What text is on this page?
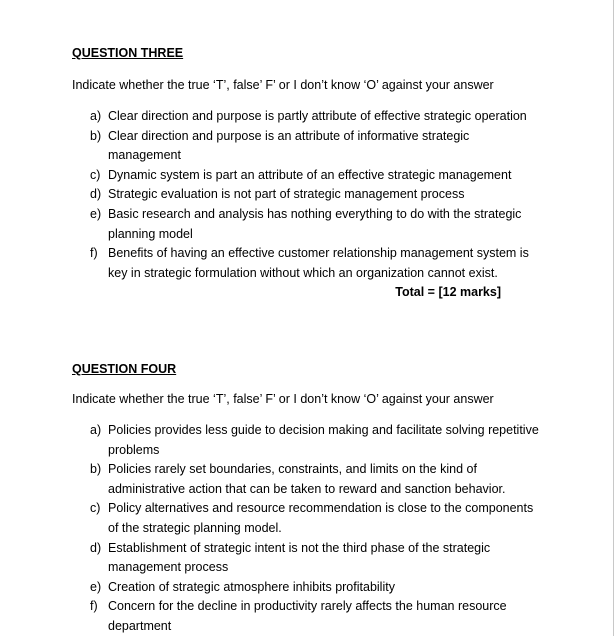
QUESTION THREE

Indicate whether the true ‘T’, false’ F’ or I don’t know ‘O’ against your answer

a) Clear direction and purpose is partly attribute of effective strategic operation
b) Clear direction and purpose is an attribute of informative strategic management
c) Dynamic system is part an attribute of an effective strategic management
d) Strategic evaluation is not part of strategic management process
e) Basic research and analysis has nothing everything to do with the strategic planning model
f) Benefits of having an effective customer relationship management system is key in strategic formulation without which an organization cannot exist.
Total = [12 marks]

QUESTION FOUR

Indicate whether the true ‘T’, false’ F’ or I don’t know ‘O’ against your answer

a) Policies provides less guide to decision making and facilitate solving repetitive problems
b) Policies rarely set boundaries, constraints, and limits on the kind of administrative action that can be taken to reward and sanction behavior.
c) Policy alternatives and resource recommendation is close to the components of the strategic planning model.
d) Establishment of strategic intent is not the third phase of the strategic management process
e) Creation of strategic atmosphere inhibits profitability
f) Concern for the decline in productivity rarely affects the human resource department
